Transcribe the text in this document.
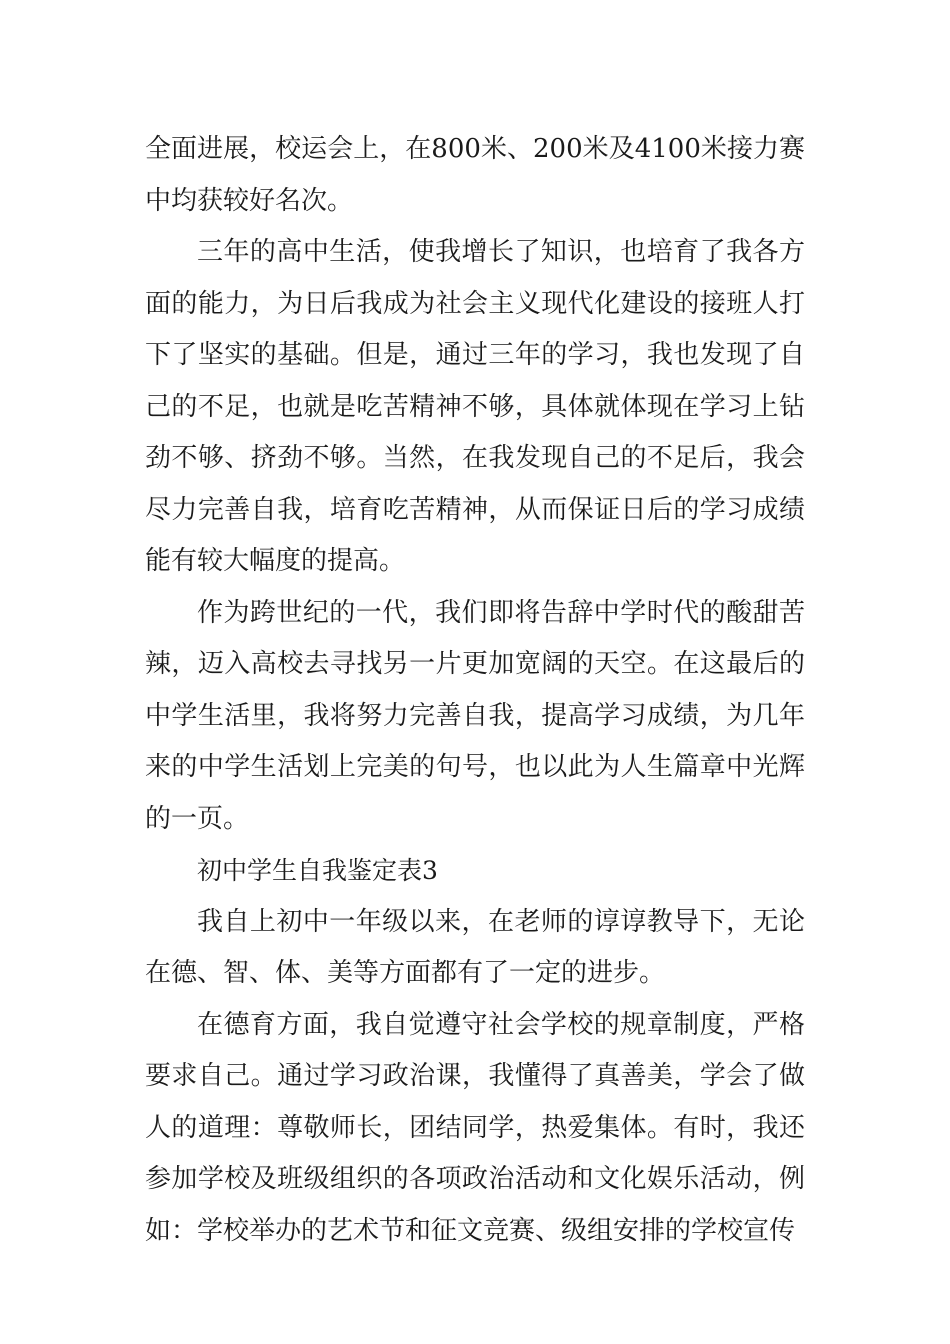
全面进展，校运会上，在800米、200米及4100米接力赛中均获较好名次。

三年的高中生活，使我增长了知识，也培育了我各方面的能力，为日后我成为社会主义现代化建设的接班人打下了坚实的基础。但是，通过三年的学习，我也发现了自己的不足，也就是吃苦精神不够，具体就体现在学习上钻劲不够、挤劲不够。当然，在我发现自己的不足后，我会尽力完善自我，培育吃苦精神，从而保证日后的学习成绩能有较大幅度的提高。

作为跨世纪的一代，我们即将告辞中学时代的酸甜苦辣，迈入高校去寻找另一片更加宽阔的天空。在这最后的中学生活里，我将努力完善自我，提高学习成绩，为几年来的中学生活划上完美的句号，也以此为人生篇章中光辉的一页。

初中学生自我鉴定表3

我自上初中一年级以来，在老师的谆谆教导下，无论在德、智、体、美等方面都有了一定的进步。

在德育方面，我自觉遵守社会学校的规章制度，严格要求自己。通过学习政治课，我懂得了真善美，学会了做人的道理：尊敬师长，团结同学，热爱集体。有时，我还参加学校及班级组织的各项政治活动和文化娱乐活动，例如：学校举办的艺术节和征文竞赛、级组安排的学校宣传
